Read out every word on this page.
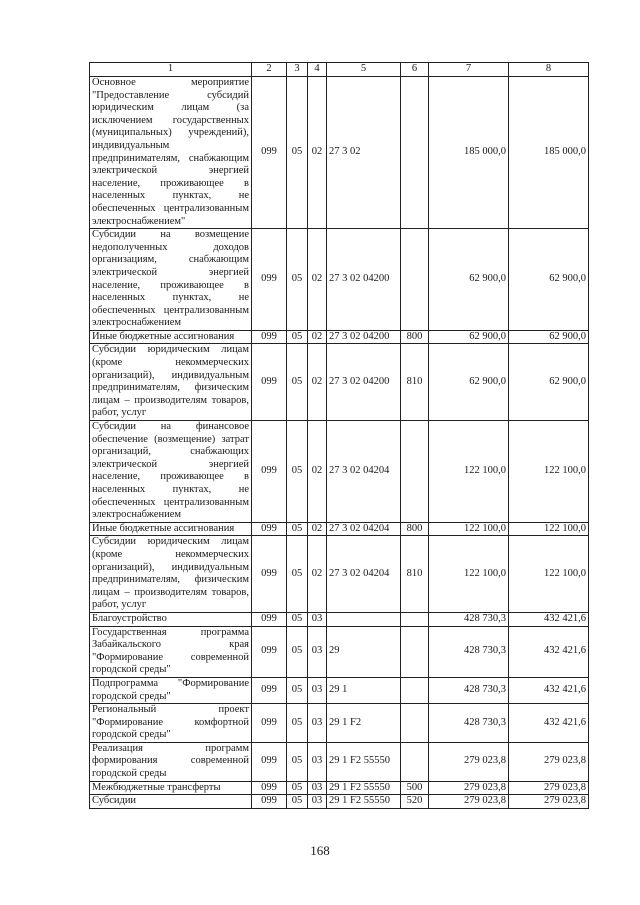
1	2	3	4	5	6	7	8
Основное мероприятие "Предоставление субсидий юридическим лицам (за исключением государственных (муниципальных) учреждений), индивидуальным предпринимателям, снабжающим электрической энергией население, проживающее в населенных пунктах, не обеспеченных централизованным электроснабжением"	099	05	02	27 3 02		185 000,0	185 000,0
Субсидии на возмещение недополученных доходов организациям, снабжающим электрической энергией население, проживающее в населенных пунктах, не обеспеченных централизованным электроснабжением	099	05	02	27 3 02 04200		62 900,0	62 900,0
Иные бюджетные ассигнования	099	05	02	27 3 02 04200	800	62 900,0	62 900,0
Субсидии юридическим лицам (кроме некоммерческих организаций), индивидуальным предпринимателям, физическим лицам – производителям товаров, работ, услуг	099	05	02	27 3 02 04200	810	62 900,0	62 900,0
Субсидии на финансовое обеспечение (возмещение) затрат организаций, снабжающих электрической энергией население, проживающее в населенных пунктах, не обеспеченных централизованным электроснабжением	099	05	02	27 3 02 04204		122 100,0	122 100,0
Иные бюджетные ассигнования	099	05	02	27 3 02 04204	800	122 100,0	122 100,0
Субсидии юридическим лицам (кроме некоммерческих организаций), индивидуальным предпринимателям, физическим лицам – производителям товаров, работ, услуг	099	05	02	27 3 02 04204	810	122 100,0	122 100,0
Благоустройство	099	05	03			428 730,3	432 421,6
Государственная программа Забайкальского края "Формирование современной городской среды"	099	05	03	29		428 730,3	432 421,6
Подпрограмма "Формирование городской среды"	099	05	03	29 1		428 730,3	432 421,6
Региональный проект "Формирование комфортной городской среды"	099	05	03	29 1 F2		428 730,3	432 421,6
Реализация программ формирования современной городской среды	099	05	03	29 1 F2 55550		279 023,8	279 023,8
Межбюджетные трансферты	099	05	03	29 1 F2 55550	500	279 023,8	279 023,8
Субсидии	099	05	03	29 1 F2 55550	520	279 023,8	279 023,8
168
